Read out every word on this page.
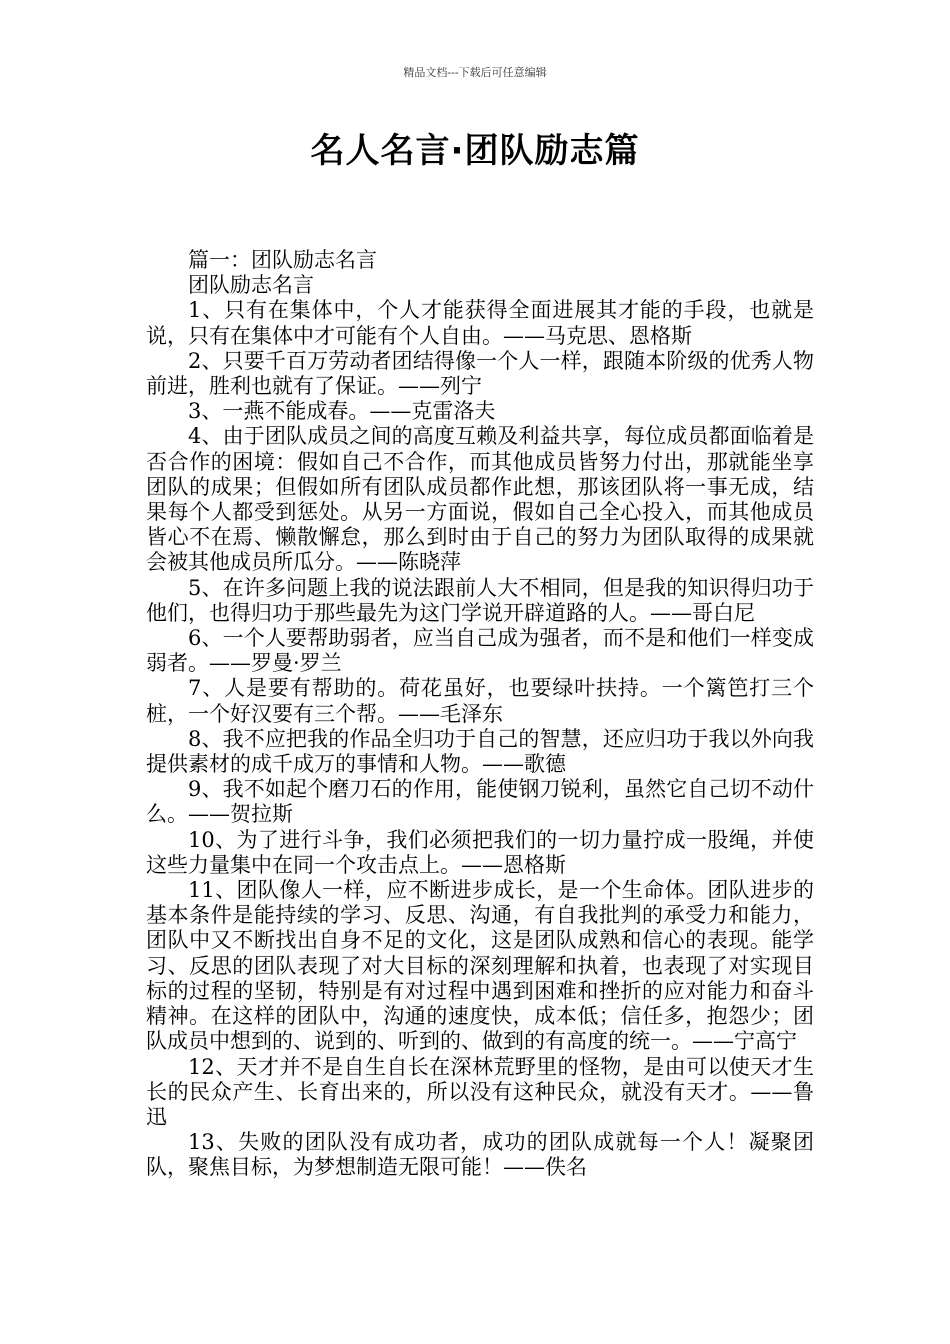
精品文档---下载后可任意编辑
名人名言·团队励志篇

篇一：团队励志名言

团队励志名言

1、只有在集体中，个人才能获得全面进展其才能的手段，也就是说，只有在集体中才可能有个人自由。——马克思、恩格斯

2、只要千百万劳动者团结得像一个人一样，跟随本阶级的优秀人物前进，胜利也就有了保证。——列宁

3、一燕不能成春。——克雷洛夫

4、由于团队成员之间的高度互赖及利益共享，每位成员都面临着是否合作的困境：假如自己不合作，而其他成员皆努力付出，那就能坐享团队的成果；但假如所有团队成员都作此想，那该团队将一事无成，结果每个人都受到惩处。从另一方面说，假如自己全心投入，而其他成员皆心不在焉、懒散懈怠，那么到时由于自己的努力为团队取得的成果就会被其他成员所瓜分。——陈晓萍

5、在许多问题上我的说法跟前人大不相同，但是我的知识得归功于他们，也得归功于那些最先为这门学说开辟道路的人。——哥白尼

6、一个人要帮助弱者，应当自己成为强者，而不是和他们一样变成弱者。——罗曼·罗兰

7、人是要有帮助的。荷花虽好，也要绿叶扶持。一个篱笆打三个桩，一个好汉要有三个帮。——毛泽东

8、我不应把我的作品全归功于自己的智慧，还应归功于我以外向我提供素材的成千成万的事情和人物。——歌德

9、我不如起个磨刀石的作用，能使钢刀锐利，虽然它自己切不动什么。——贺拉斯

10、为了进行斗争，我们必须把我们的一切力量拧成一股绳，并使这些力量集中在同一个攻击点上。——恩格斯

11、团队像人一样，应不断进步成长，是一个生命体。团队进步的基本条件是能持续的学习、反思、沟通，有自我批判的承受力和能力，团队中又不断找出自身不足的文化，这是团队成熟和信心的表现。能学习、反思的团队表现了对大目标的深刻理解和执着，也表现了对实现目标的过程的坚韧，特别是有对过程中遇到困难和挫折的应对能力和奋斗精神。在这样的团队中，沟通的速度快，成本低；信任多，抱怨少；团队成员中想到的、说到的、听到的、做到的有高度的统一。——宁高宁

12、天才并不是自生自长在深林荒野里的怪物，是由可以使天才生长的民众产生、长育出来的，所以没有这种民众，就没有天才。——鲁迅

13、失败的团队没有成功者，成功的团队成就每一个人！凝聚团队，聚焦目标，为梦想制造无限可能！——佚名
